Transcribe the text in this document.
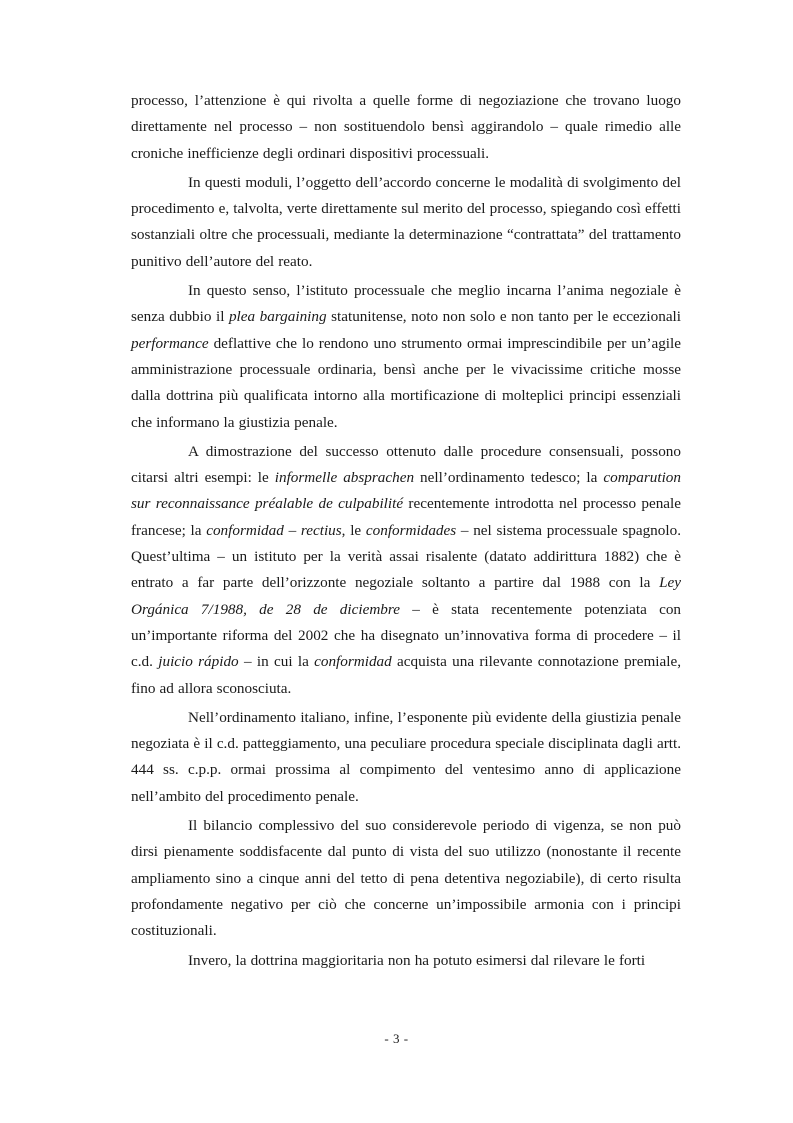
processo, l’attenzione è qui rivolta a quelle forme di negoziazione che trovano luogo direttamente nel processo – non sostituendolo bensì aggirandolo – quale rimedio alle croniche inefficienze degli ordinari dispositivi processuali.

In questi moduli, l’oggetto dell’accordo concerne le modalità di svolgimento del procedimento e, talvolta, verte direttamente sul merito del processo, spiegando così effetti sostanziali oltre che processuali, mediante la determinazione “contrattata” del trattamento punitivo dell’autore del reato.

In questo senso, l’istituto processuale che meglio incarna l’anima negoziale è senza dubbio il plea bargaining statunitense, noto non solo e non tanto per le eccezionali performance deflattive che lo rendono uno strumento ormai imprescindibile per un’agile amministrazione processuale ordinaria, bensì anche per le vivacissime critiche mosse dalla dottrina più qualificata intorno alla mortificazione di molteplici principi essenziali che informano la giustizia penale.

A dimostrazione del successo ottenuto dalle procedure consensuali, possono citarsi altri esempi: le informelle absprachen nell’ordinamento tedesco; la comparution sur reconnaissance préalable de culpabilité recentemente introdotta nel processo penale francese; la conformidad – rectius, le conformidades – nel sistema processuale spagnolo. Quest’ultima – un istituto per la verità assai risalente (datato addirittura 1882) che è entrato a far parte dell’orizzonte negoziale soltanto a partire dal 1988 con la Ley Orgánica 7/1988, de 28 de diciembre – è stata recentemente potenziata con un’importante riforma del 2002 che ha disegnato un’innovativa forma di procedere – il c.d. juicio rápido – in cui la conformidad acquista una rilevante connotazione premiale, fino ad allora sconosciuta.

Nell’ordinamento italiano, infine, l’esponente più evidente della giustizia penale negoziata è il c.d. patteggiamento, una peculiare procedura speciale disciplinata dagli artt. 444 ss. c.p.p. ormai prossima al compimento del ventesimo anno di applicazione nell’ambito del procedimento penale.

Il bilancio complessivo del suo considerevole periodo di vigenza, se non può dirsi pienamente soddisfacente dal punto di vista del suo utilizzo (nonostante il recente ampliamento sino a cinque anni del tetto di pena detentiva negoziabile), di certo risulta profondamente negativo per ciò che concerne un’impossibile armonia con i principi costituzionali.

Invero, la dottrina maggioritaria non ha potuto esimersi dal rilevare le forti

- 3 -
